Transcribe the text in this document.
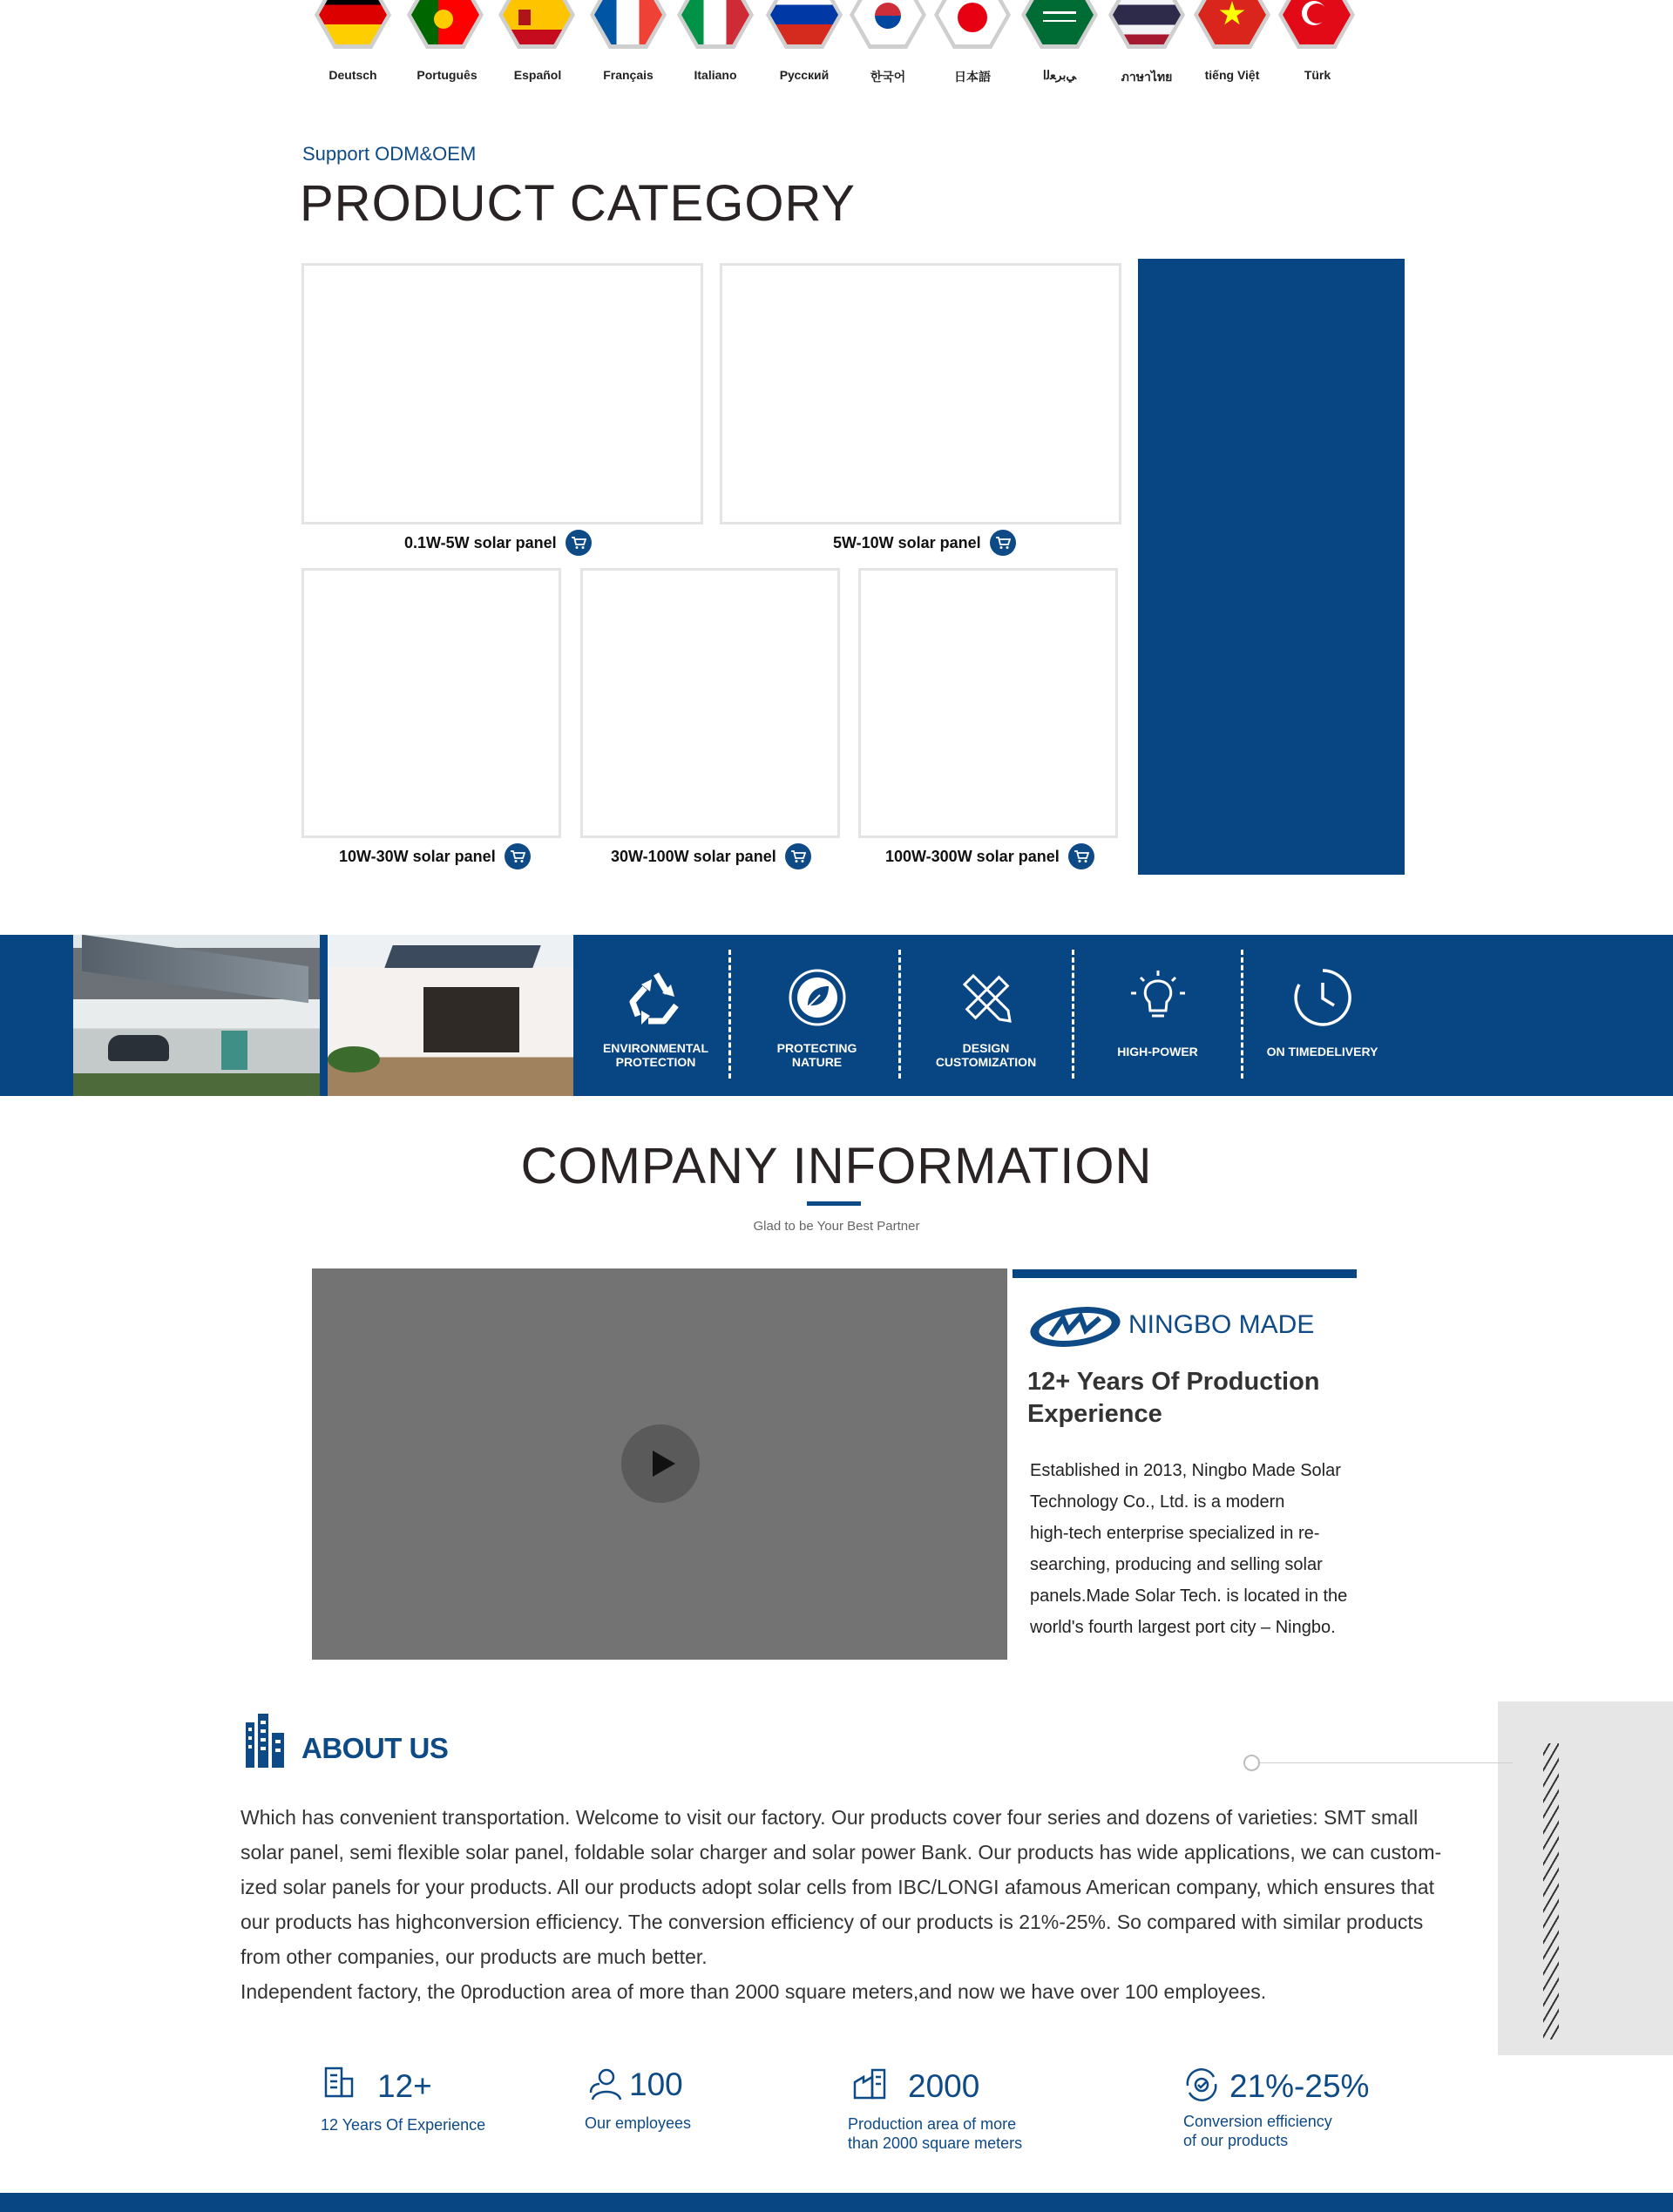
Deutsch	Português	Español	Français	Italiano	Русский	한국어	日本語	ﻲﺑﺮﻌﻟﺍ	ภาษาไทย	tiếng Việt	Türk
Support ODM&OEM
PRODUCT CATEGORY
0.1W-5W solar panel	5W-10W solar panel
10W-30W solar panel	30W-100W solar panel	100W-300W solar panel
ENVIRONMENTAL
PROTECTION
PROTECTING
NATURE
DESIGN
CUSTOMIZATION
HIGH-POWER	ON TIMEDELIVERY
COMPANY INFORMATION
Glad to be Your Best Partner
NINGBO MADE
12+ Years Of Production Experience
Established in 2013, Ningbo Made Solar
Technology Co., Ltd. is a modern
high-tech enterprise specialized in re-
searching, producing and selling solar
panels.Made Solar Tech. is located in the
world's fourth largest port city – Ningbo.
ABOUT US
Which has convenient transportation. Welcome to visit our factory. Our products cover four series and dozens of varieties: SMT small
solar panel, semi flexible solar panel, foldable solar charger and solar power Bank. Our products has wide applications, we can custom-
ized solar panels for your products. All our products adopt solar cells from IBC/LONGI afamous American company, which ensures that
our products has highconversion efficiency. The conversion efficiency of our products is 21%-25%. So compared with similar products
from other companies, our products are much better.
Independent factory, the 0production area of more than 2000 square meters,and now we have over 100 employees.
12+
12 Years Of Experience

100
Our employees

2000
Production area of more
than 2000 square meters
21%-25%
Conversion efficiency
of our products
